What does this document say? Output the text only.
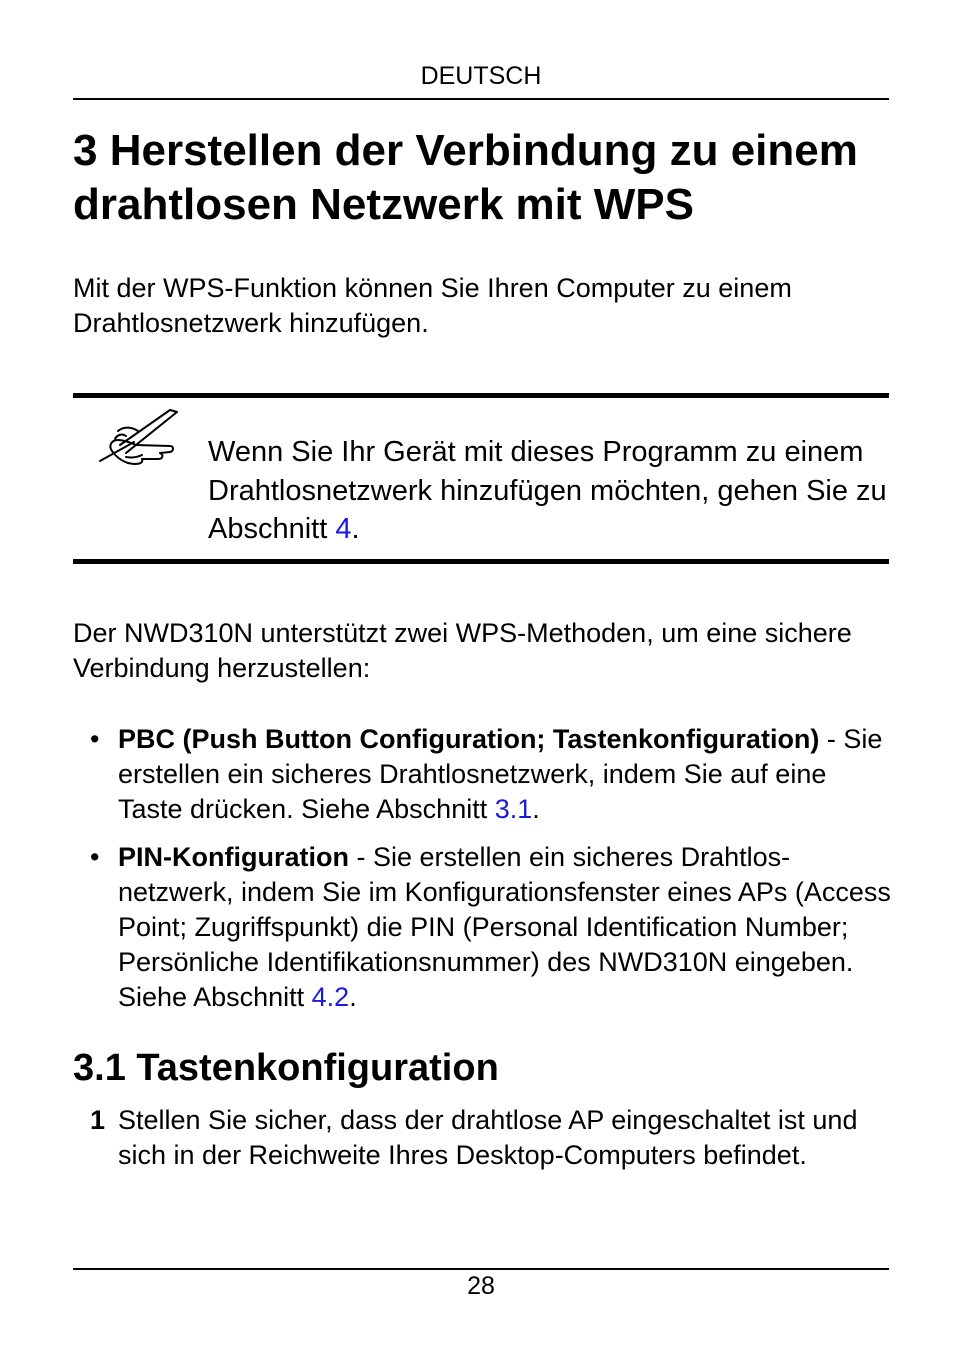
DEUTSCH
3 Herstellen der Verbindung zu einem
drahtlosen Netzwerk mit WPS

Mit der WPS-Funktion können Sie Ihren Computer zu einem Drahtlosnetzwerk hinzufügen.

Wenn Sie Ihr Gerät mit dieses Programm zu einem Drahtlosnetzwerk hinzufügen möchten, gehen Sie zu Abschnitt 4.

Der NWD310N unterstützt zwei WPS-Methoden, um eine sichere Verbindung herzustellen:

• PBC (Push Button Configuration; Tastenkonfiguration) - Sie erstellen ein sicheres Drahtlosnetzwerk, indem Sie auf eine Taste drücken. Siehe Abschnitt 3.1.

• PIN-Konfiguration - Sie erstellen ein sicheres Drahtlos-netzwerk, indem Sie im Konfigurationsfenster eines APs (Access Point; Zugriffspunkt) die PIN (Personal Identification Number; Persönliche Identifikationsnummer) des NWD310N eingeben. Siehe Abschnitt 4.2.

3.1 Tastenkonfiguration

1 Stellen Sie sicher, dass der drahtlose AP eingeschaltet ist und sich in der Reichweite Ihres Desktop-Computers befindet.

28
